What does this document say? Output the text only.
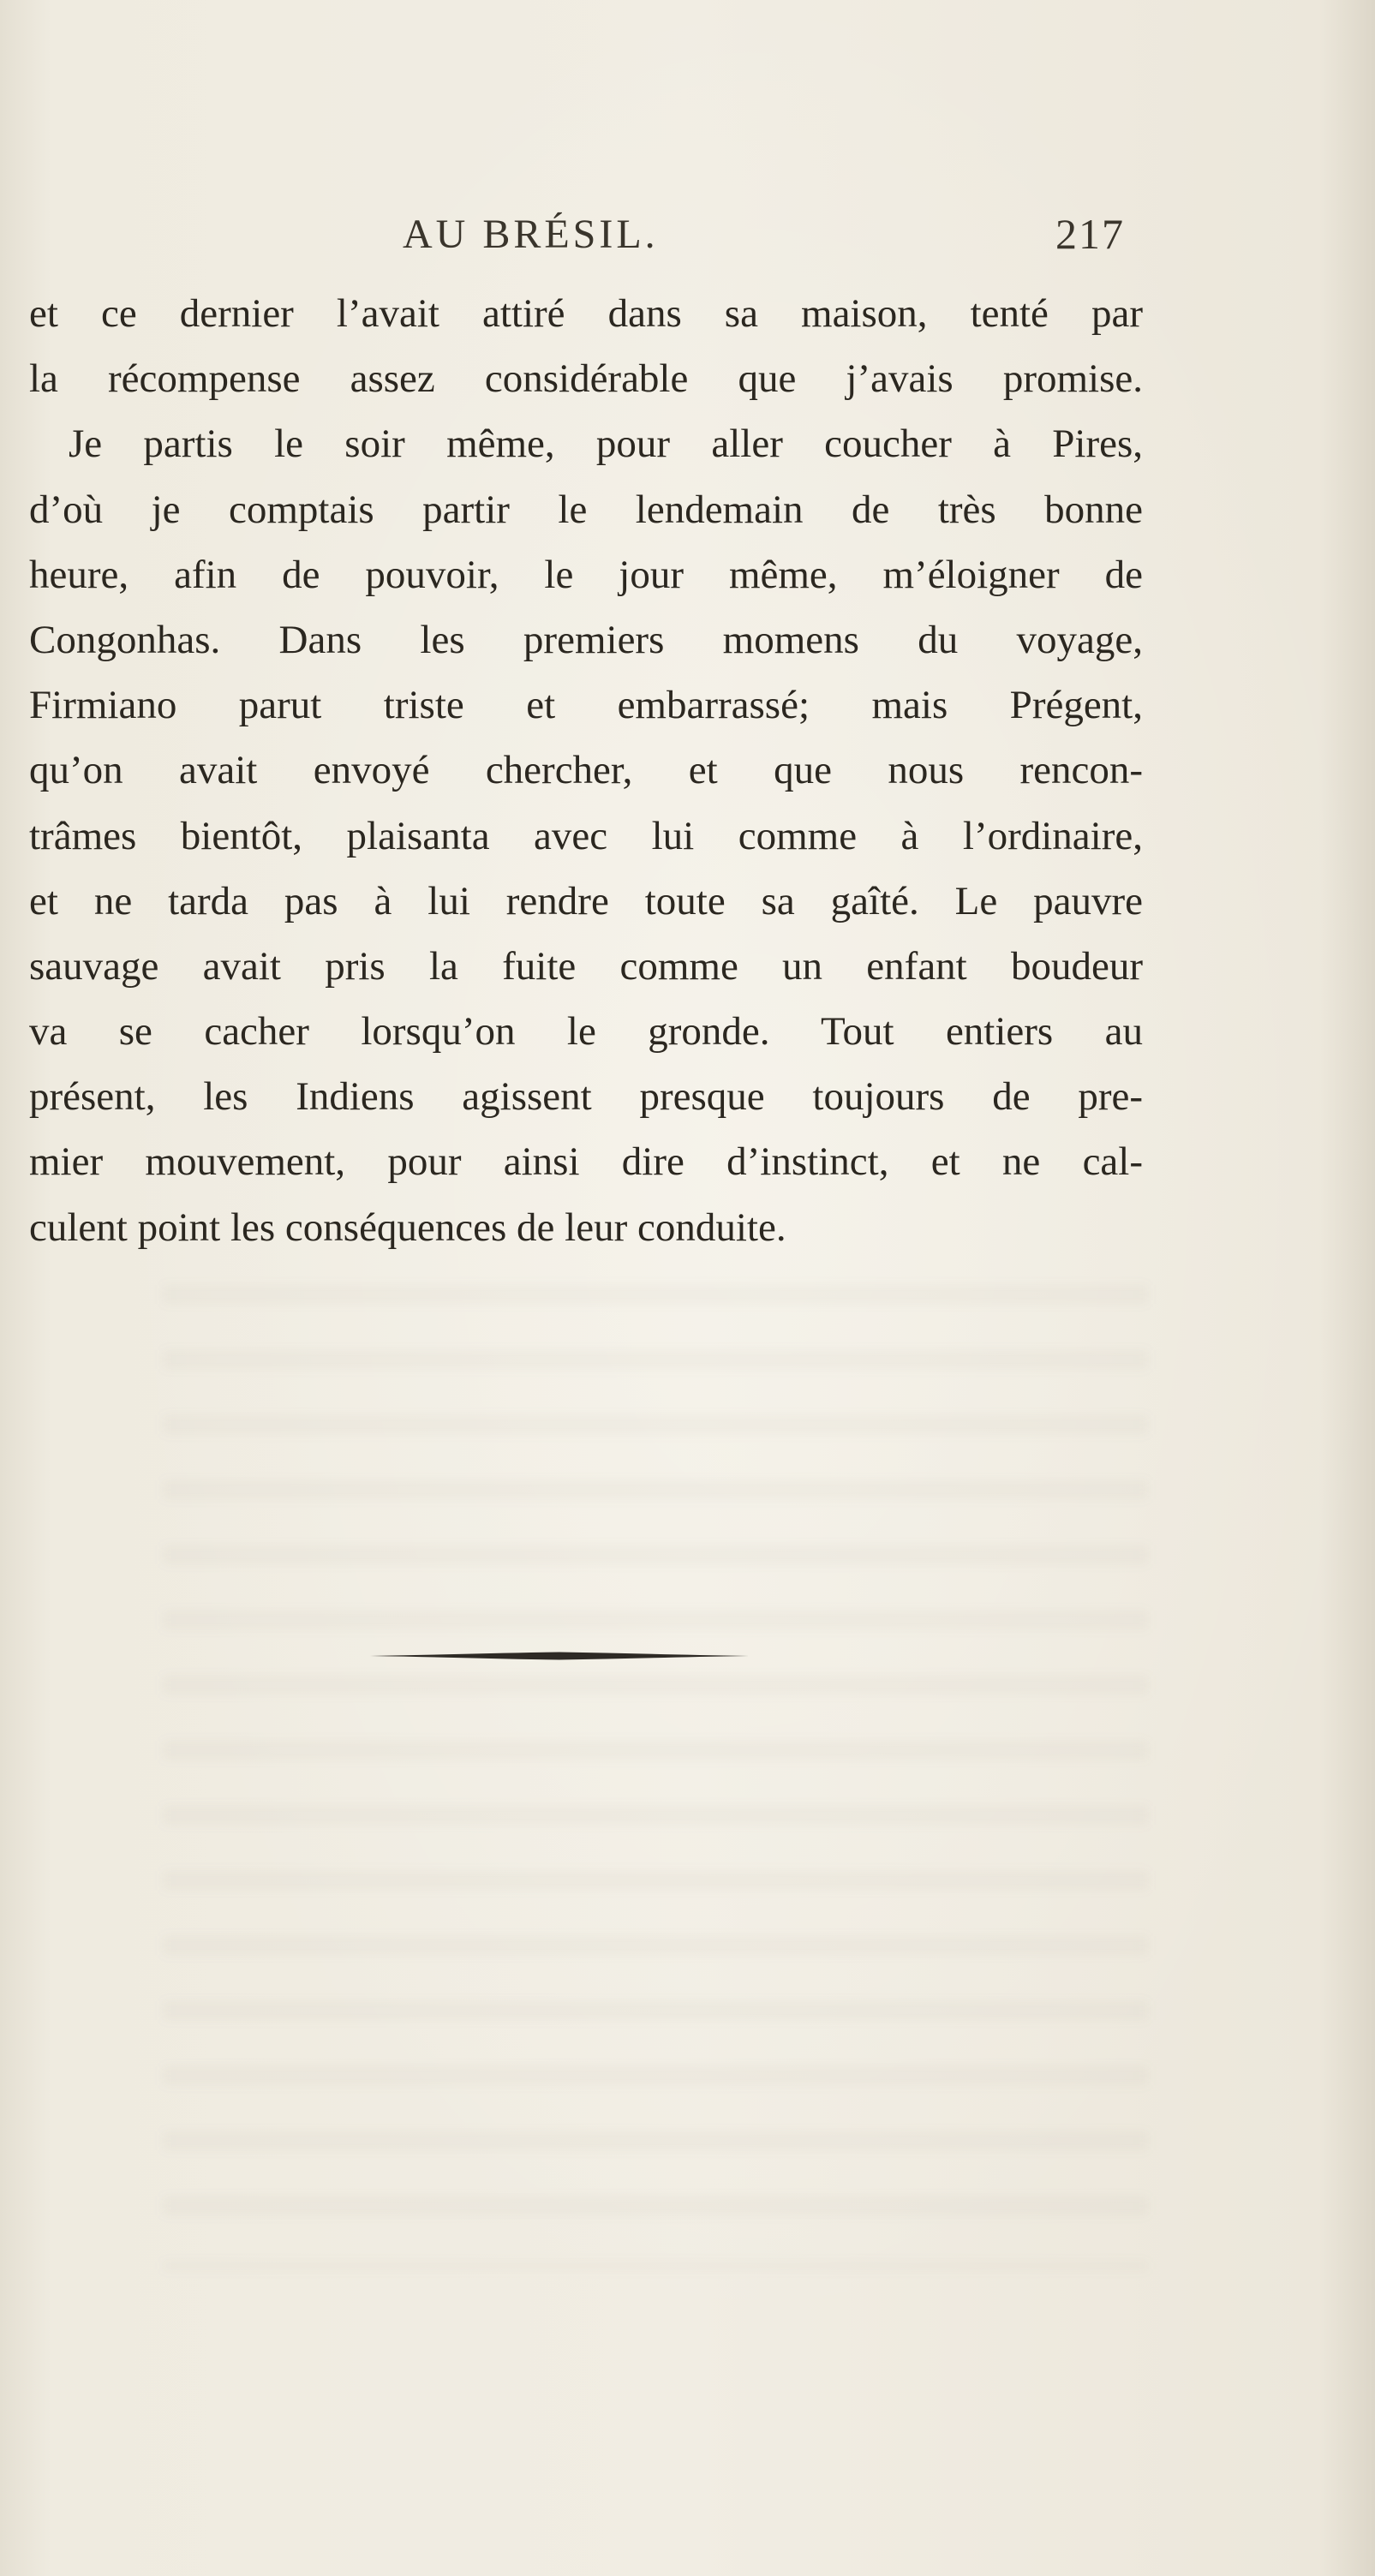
AU BRÉSIL.	217
et ce dernier l’avait attiré dans sa maison, tenté par
la récompense assez considérable que j’avais promise.
Je partis le soir même, pour aller coucher à Pires,
d’où je comptais partir le lendemain de très bonne
heure, afin de pouvoir, le jour même, m’éloigner de
Congonhas. Dans les premiers momens du voyage,
Firmiano parut triste et embarrassé; mais Prégent,
qu’on avait envoyé chercher, et que nous rencon-
trâmes bientôt, plaisanta avec lui comme à l’ordinaire,
et ne tarda pas à lui rendre toute sa gaîté. Le pauvre
sauvage avait pris la fuite comme un enfant boudeur
va se cacher lorsqu’on le gronde. Tout entiers au
présent, les Indiens agissent presque toujours de pre-
mier mouvement, pour ainsi dire d’instinct, et ne cal-
culent point les conséquences de leur conduite.
